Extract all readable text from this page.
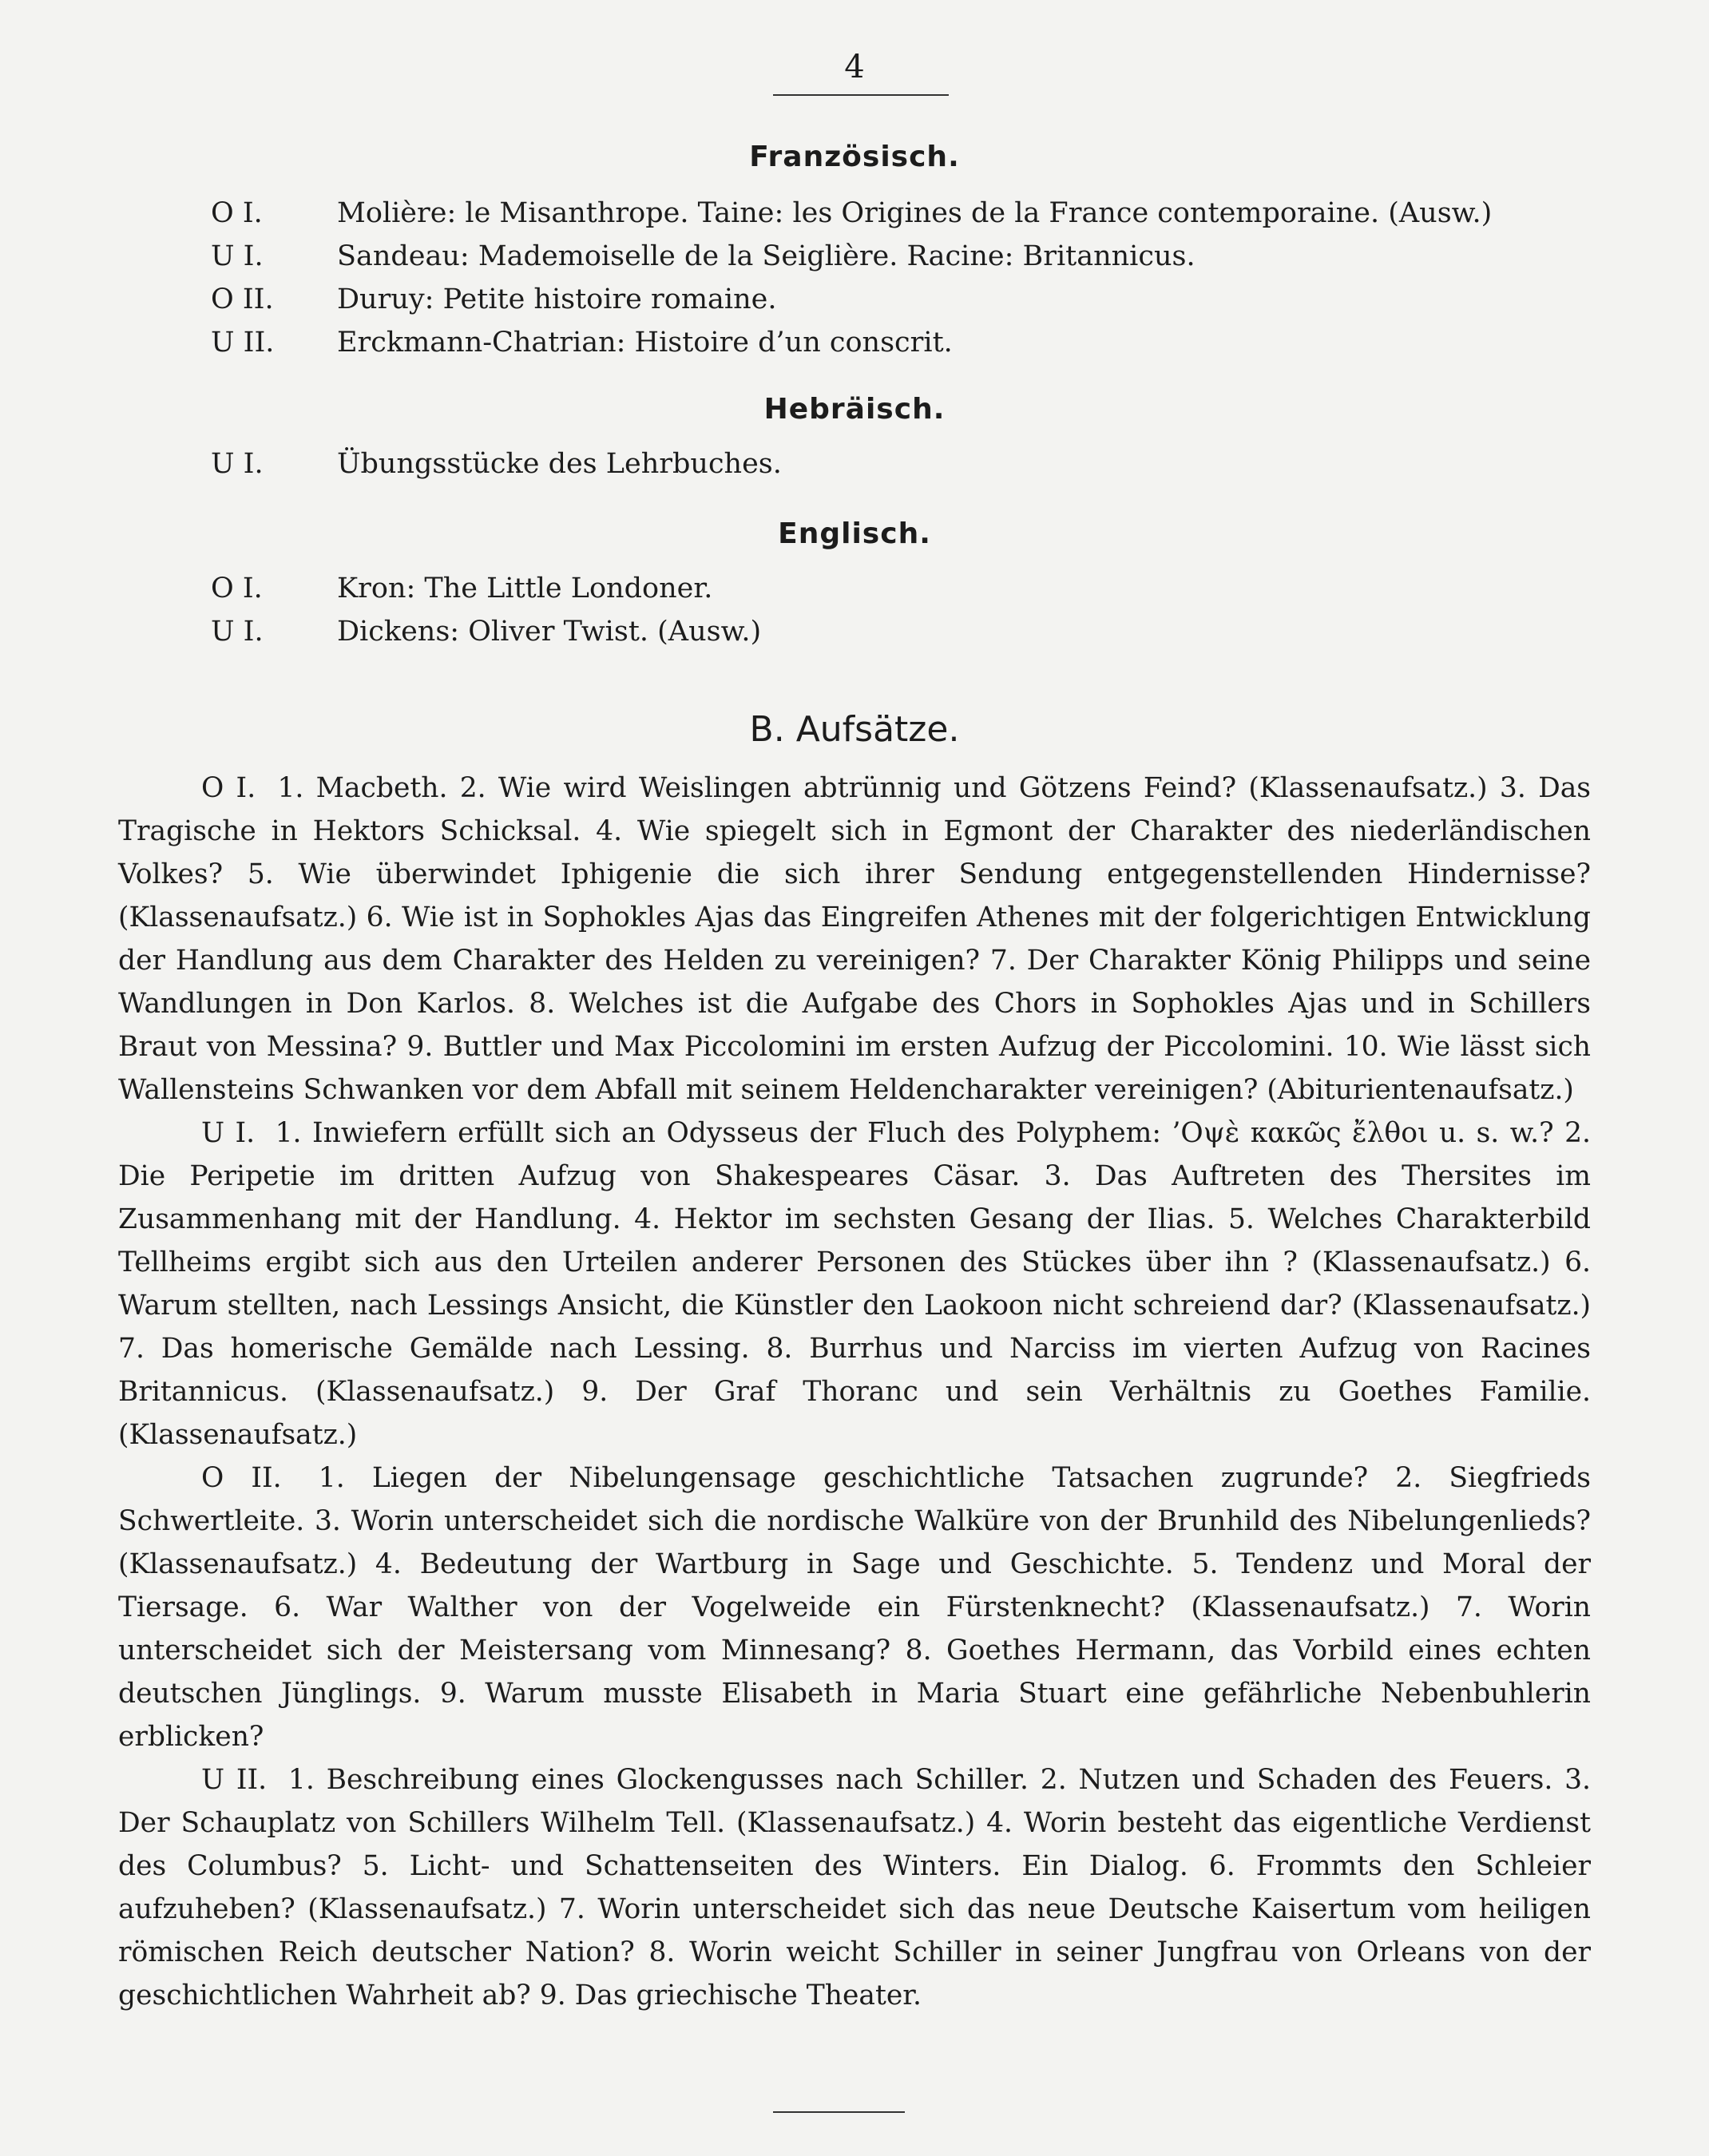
4
Französisch.
O I.	Molière: le Misanthrope. Taine: les Origines de la France contemporaine. (Ausw.)
U I.	Sandeau: Mademoiselle de la Seiglière. Racine: Britannicus.
O II. Duruy: Petite histoire romaine.
U II. Erckmann-Chatrian: Histoire d’un conscrit.
Hebräisch.
U I.	Übungsstücke des Lehrbuches.
Englisch.
O I.	Kron: The Little Londoner.
U I.	Dickens: Oliver Twist. (Ausw.)
B. Aufsätze.

O I. 1. Macbeth. 2. Wie wird Weislingen abtrünnig und Götzens Feind? (Klassenaufsatz.) 3. Das Tragische in Hektors Schicksal. 4. Wie spiegelt sich in Egmont der Charakter des niederländischen Volkes? 5. Wie überwindet Iphigenie die sich ihrer Sendung entgegenstellenden Hindernisse? (Klassenaufsatz.) 6. Wie ist in Sophokles Ajas das Eingreifen Athenes mit der folgerichtigen Entwicklung der Handlung aus dem Charakter des Helden zu vereinigen? 7. Der Charakter König Philipps und seine Wandlungen in Don Karlos. 8. Welches ist die Aufgabe des Chors in Sophokles Ajas und in Schillers Braut von Messina? 9. Buttler und Max Piccolomini im ersten Aufzug der Piccolomini. 10. Wie lässt sich Wallensteins Schwanken vor dem Abfall mit seinem Heldencharakter vereinigen? (Abiturientenaufsatz.)

U I. 1. Inwiefern erfüllt sich an Odysseus der Fluch des Polyphem: ’Οψὲ κακῶς ἔλθοι u. s. w.? 2. Die Peripetie im dritten Aufzug von Shakespeares Cäsar. 3. Das Auftreten des Thersites im Zusammenhang mit der Handlung. 4. Hektor im sechsten Gesang der Ilias. 5. Welches Charakterbild Tellheims ergibt sich aus den Urteilen anderer Personen des Stückes über ihn ? (Klassenaufsatz.) 6. Warum stellten, nach Lessings Ansicht, die Künstler den Laokoon nicht schreiend dar? (Klassenaufsatz.) 7. Das homerische Gemälde nach Lessing. 8. Burrhus und Narciss im vierten Aufzug von Racines Britannicus. (Klassenaufsatz.) 9. Der Graf Thoranc und sein Verhältnis zu Goethes Familie. (Klassenaufsatz.)

O II. 1. Liegen der Nibelungensage geschichtliche Tatsachen zugrunde? 2. Siegfrieds Schwertleite. 3. Worin unterscheidet sich die nordische Walküre von der Brunhild des Nibelungenlieds? (Klassenaufsatz.) 4. Bedeutung der Wartburg in Sage und Geschichte. 5. Tendenz und Moral der Tiersage. 6. War Walther von der Vogelweide ein Fürstenknecht? (Klassenaufsatz.) 7. Worin unterscheidet sich der Meistersang vom Minnesang? 8. Goethes Hermann, das Vorbild eines echten deutschen Jünglings. 9. Warum musste Elisabeth in Maria Stuart eine gefährliche Nebenbuhlerin erblicken?

U II. 1. Beschreibung eines Glockengusses nach Schiller. 2. Nutzen und Schaden des Feuers. 3. Der Schauplatz von Schillers Wilhelm Tell. (Klassenaufsatz.) 4. Worin besteht das eigentliche Verdienst des Columbus? 5. Licht- und Schattenseiten des Winters. Ein Dialog. 6. Frommts den Schleier aufzuheben? (Klassenaufsatz.) 7. Worin unterscheidet sich das neue Deutsche Kaisertum vom heiligen römischen Reich deutscher Nation? 8. Worin weicht Schiller in seiner Jungfrau von Orleans von der geschichtlichen Wahrheit ab? 9. Das griechische Theater.
